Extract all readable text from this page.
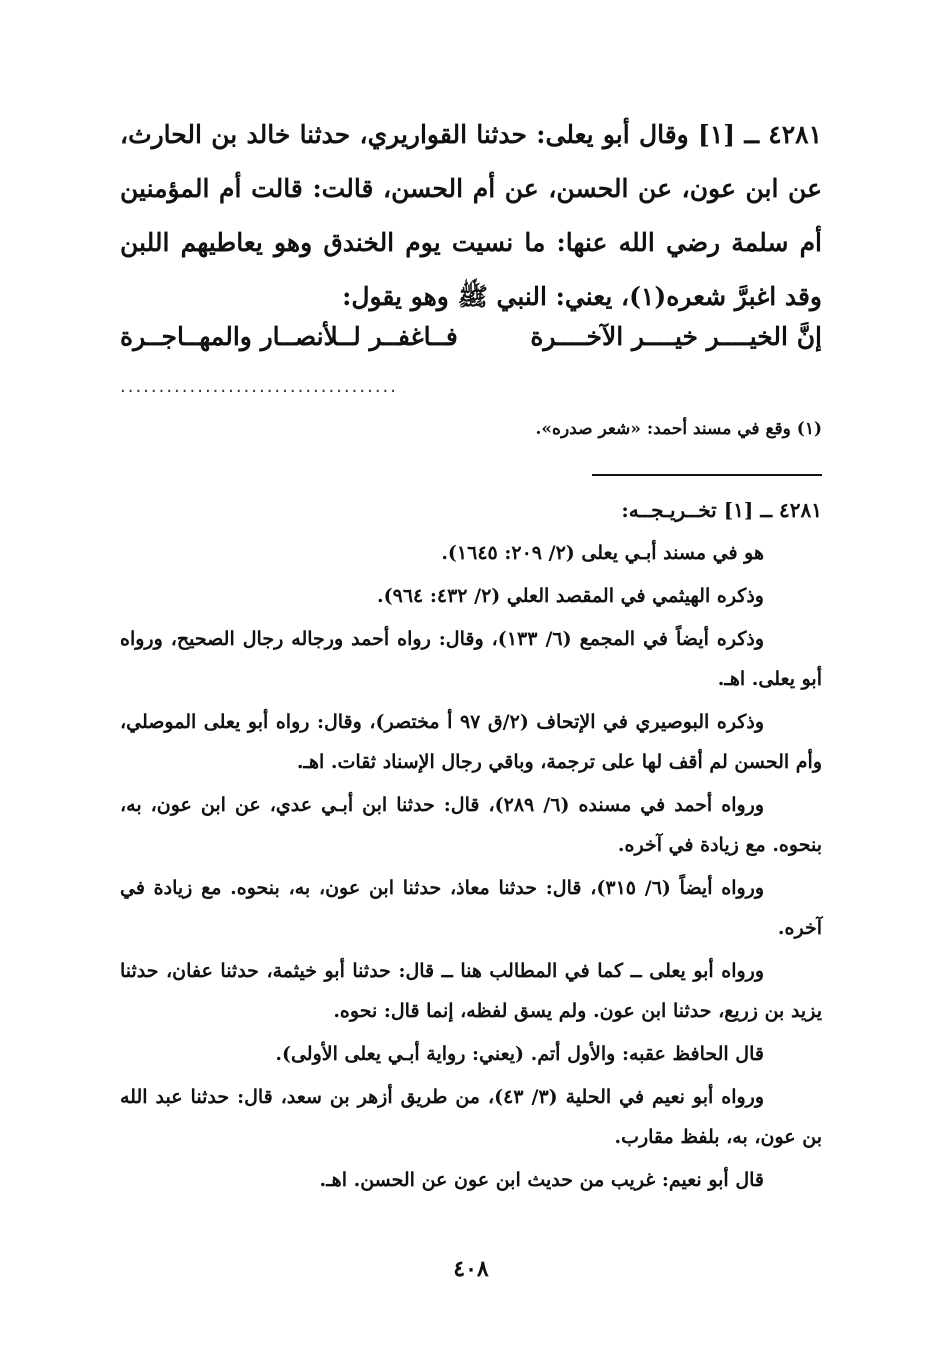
٤٢٨١ ــ [١] وقال أبو يعلى: حدثنا القواريري، حدثنا خالد بن الحارث، عن ابن عون، عن الحسن، عن أم الحسن، قالت: قالت أم المؤمنين أم سلمة رضي الله عنها: ما نسيت يوم الخندق وهو يعاطيهم اللبن وقد اغبرَّ شعره(١)، يعني: النبي ﷺ وهو يقول:

إنَّ الخيــــر خيــــر الآخــــرة
فــاغفــر لــلأنصــار والمهــاجــرة
....................................
(١) وقع في مسند أحمد: «شعر صدره».

٤٢٨١ ــ [١] تخــريـجــه:

هو في مسند أبـي يعلى (٢/ ٢٠٩: ١٦٤٥).

وذكره الهيثمي في المقصد العلي (٢/ ٤٣٢: ٩٦٤).

وذكره أيضاً في المجمع (٦/ ١٣٣)، وقال: رواه أحمد ورجاله رجال الصحيح، ورواه أبو يعلى. اهـ.

وذكره البوصيري في الإتحاف (٢/ق ٩٧ أ مختصر)، وقال: رواه أبو يعلى الموصلي، وأم الحسن لم أقف لها على ترجمة، وباقي رجال الإسناد ثقات. اهـ.

ورواه أحمد في مسنده (٦/ ٢٨٩)، قال: حدثنا ابن أبـي عدي، عن ابن عون، به، بنحوه. مع زيادة في آخره.

ورواه أيضاً (٦/ ٣١٥)، قال: حدثنا معاذ، حدثنا ابن عون، به، بنحوه. مع زيادة في آخره.

ورواه أبو يعلى ــ كما في المطالب هنا ــ قال: حدثنا أبو خيثمة، حدثنا عفان، حدثنا يزيد بن زريع، حدثنا ابن عون. ولم يسق لفظه، إنما قال: نحوه.

قال الحافظ عقبه: والأول أتم. (يعني: رواية أبـي يعلى الأولى).

ورواه أبو نعيم في الحلية (٣/ ٤٣)، من طريق أزهر بن سعد، قال: حدثنا عبد الله بن عون، به، بلفظ مقارب.

قال أبو نعيم: غريب من حديث ابن عون عن الحسن. اهـ.

٤٠٨
